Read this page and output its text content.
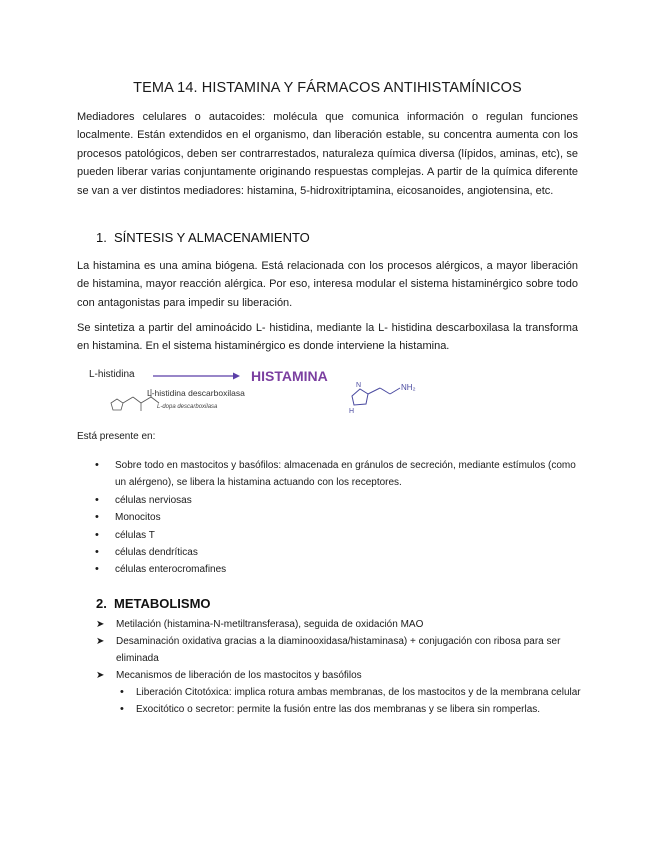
TEMA 14. HISTAMINA Y FÁRMACOS ANTIHISTAMÍNICOS

Mediadores celulares o autacoides: molécula que comunica información o regulan funciones localmente. Están extendidos en el organismo, dan liberación estable, su concentra aumenta con los procesos patológicos, deben ser contrarrestados, naturaleza química diversa (lípidos, aminas, etc), se pueden liberar varias conjuntamente originando respuestas complejas. A partir de la química diferente se van a ver distintos mediadores: histamina, 5-hidroxitriptamina, eicosanoides, angiotensina, etc.

1. SÍNTESIS Y ALMACENAMIENTO

La histamina es una amina biógena. Está relacionada con los procesos alérgicos, a mayor liberación de histamina, mayor reacción alérgica. Por eso, interesa modular el sistema histaminérgico sobre todo con antagonistas para impedir su liberación.

Se sintetiza a partir del aminoácido L- histidina, mediante la L- histidina descarboxilasa la transforma en histamina. En el sistema histaminérgico es donde interviene la histamina.

L-histidina	HISTAMINA
L-histidina descarboxilasa
L-dopa descarboxilasa
NH₂
N
H
Está presente en:
• Sobre todo en mastocitos y basófilos: almacenada en gránulos de secreción, mediante estímulos (como un alérgeno), se libera la histamina actuando con los receptores.
• células nerviosas
• Monocitos
• células T
• células dendríticas
• células enterocromafines
2. METABOLISMO
➤ Metilación (histamina-N-metiltransferasa), seguida de oxidación MAO
➤ Desaminación oxidativa gracias a la diaminooxidasa/histaminasa) + conjugación con ribosa para ser eliminada
➤ Mecanismos de liberación de los mastocitos y basófilos
• Liberación Citotóxica: implica rotura ambas membranas, de los mastocitos y de la membrana celular
• Exocitótico o secretor: permite la fusión entre las dos membranas y se libera sin romperlas.
